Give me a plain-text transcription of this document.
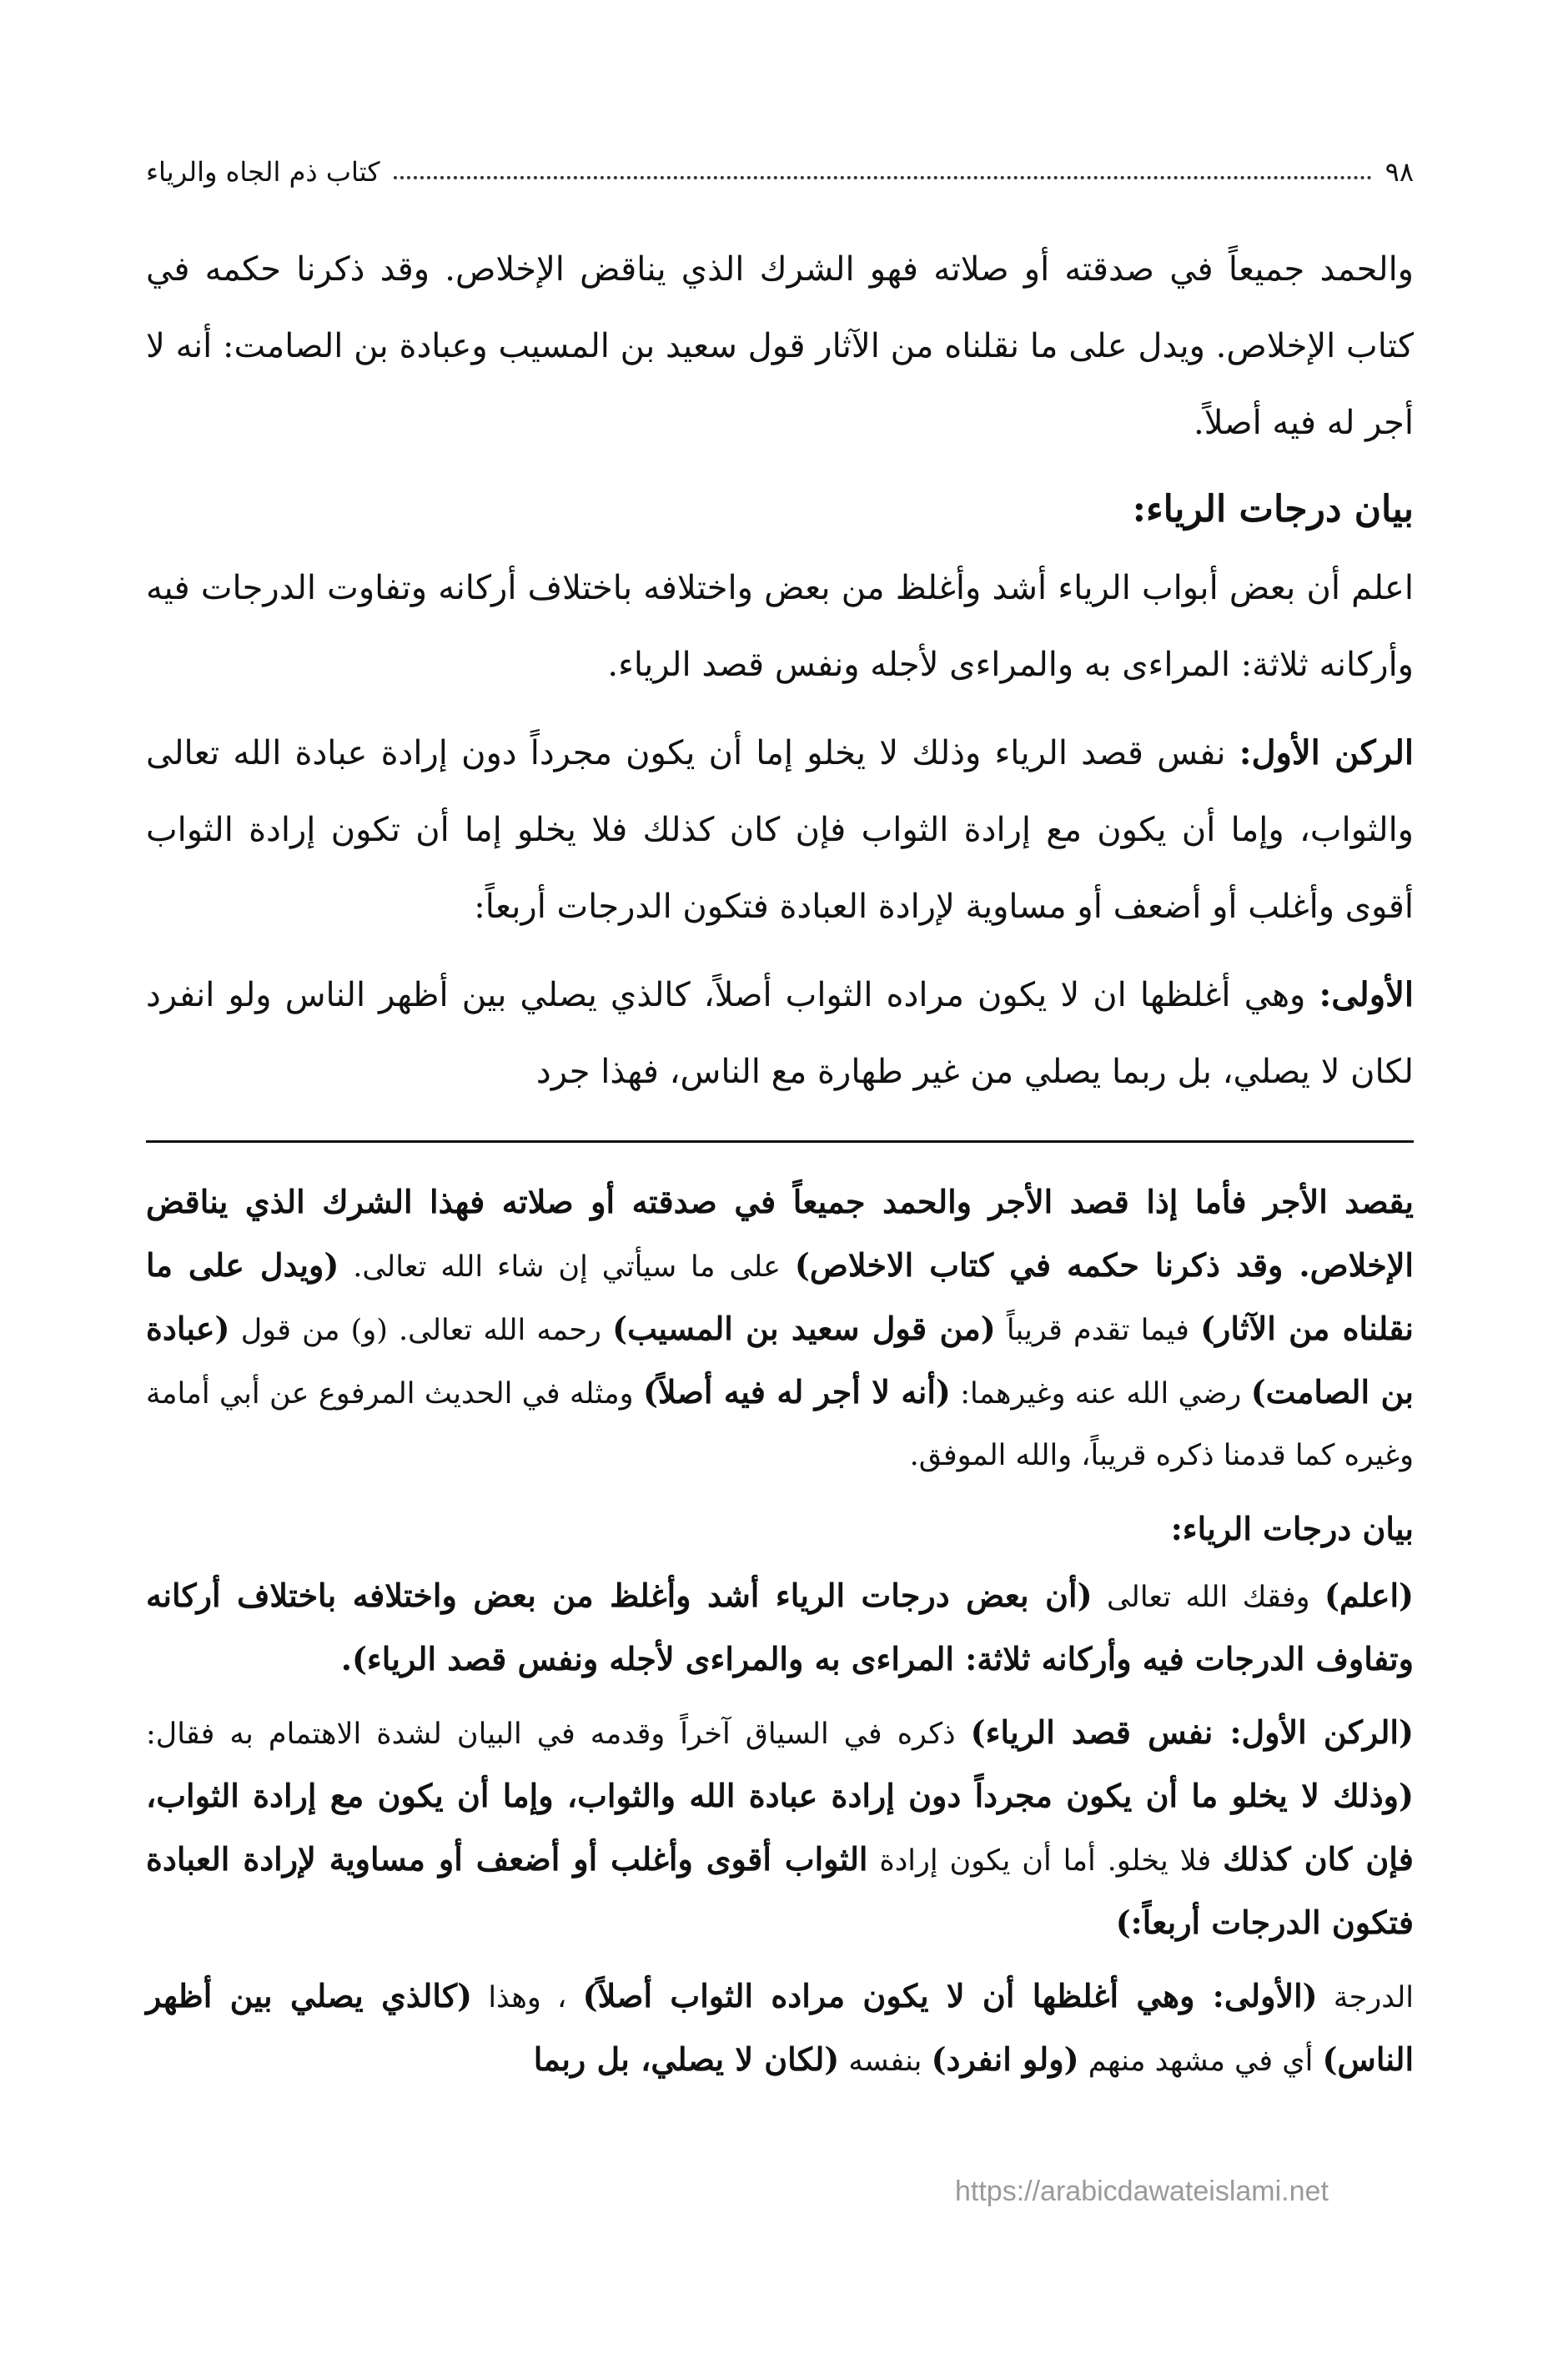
٩٨
كتاب ذم الجاه والرياء

والحمد جميعاً في صدقته أو صلاته فهو الشرك الذي يناقض الإخلاص. وقد ذكرنا حكمه في كتاب الإخلاص. ويدل على ما نقلناه من الآثار قول سعيد بن المسيب وعبادة بن الصامت: أنه لا أجر له فيه أصلاً.

بيان درجات الرياء:

اعلم أن بعض أبواب الرياء أشد وأغلظ من بعض واختلافه باختلاف أركانه وتفاوت الدرجات فيه وأركانه ثلاثة: المراءى به والمراءى لأجله ونفس قصد الرياء.

الركن الأول: نفس قصد الرياء وذلك لا يخلو إما أن يكون مجرداً دون إرادة عبادة الله تعالى والثواب، وإما أن يكون مع إرادة الثواب فإن كان كذلك فلا يخلو إما أن تكون إرادة الثواب أقوى وأغلب أو أضعف أو مساوية لإرادة العبادة فتكون الدرجات أربعاً:

الأولى: وهي أغلظها ان لا يكون مراده الثواب أصلاً، كالذي يصلي بين أظهر الناس ولو انفرد لكان لا يصلي، بل ربما يصلي من غير طهارة مع الناس، فهذا جرد

يقصد الأجر فأما إذا قصد الأجر والحمد جميعاً في صدقته أو صلاته فهذا الشرك الذي يناقض الإخلاص. وقد ذكرنا حكمه في كتاب الاخلاص) على ما سيأتي إن شاء الله تعالى. (ويدل على ما نقلناه من الآثار) فيما تقدم قريباً (من قول سعيد بن المسيب) رحمه الله تعالى. (و) من قول (عبادة بن الصامت) رضي الله عنه وغيرهما: (أنه لا أجر له فيه أصلاً) ومثله في الحديث المرفوع عن أبي أمامة وغيره كما قدمنا ذكره قريباً، والله الموفق.

بيان درجات الرياء:

(اعلم) وفقك الله تعالى (أن بعض درجات الرياء أشد وأغلظ من بعض واختلافه باختلاف أركانه وتفاوف الدرجات فيه وأركانه ثلاثة: المراءى به والمراءى لأجله ونفس قصد الرياء).

(الركن الأول: نفس قصد الرياء) ذكره في السياق آخراً وقدمه في البيان لشدة الاهتمام به فقال: (وذلك لا يخلو ما أن يكون مجرداً دون إرادة عبادة الله والثواب، وإما أن يكون مع إرادة الثواب، فإن كان كذلك فلا يخلو. أما أن يكون إرادة الثواب أقوى وأغلب أو أضعف أو مساوية لإرادة العبادة فتكون الدرجات أربعاً:)

الدرجة (الأولى: وهي أغلظها أن لا يكون مراده الثواب أصلاً) ، وهذا (كالذي يصلي بين أظهر الناس) أي في مشهد منهم (ولو انفرد) بنفسه (لكان لا يصلي، بل ربما

https://arabicdawateislami.net
